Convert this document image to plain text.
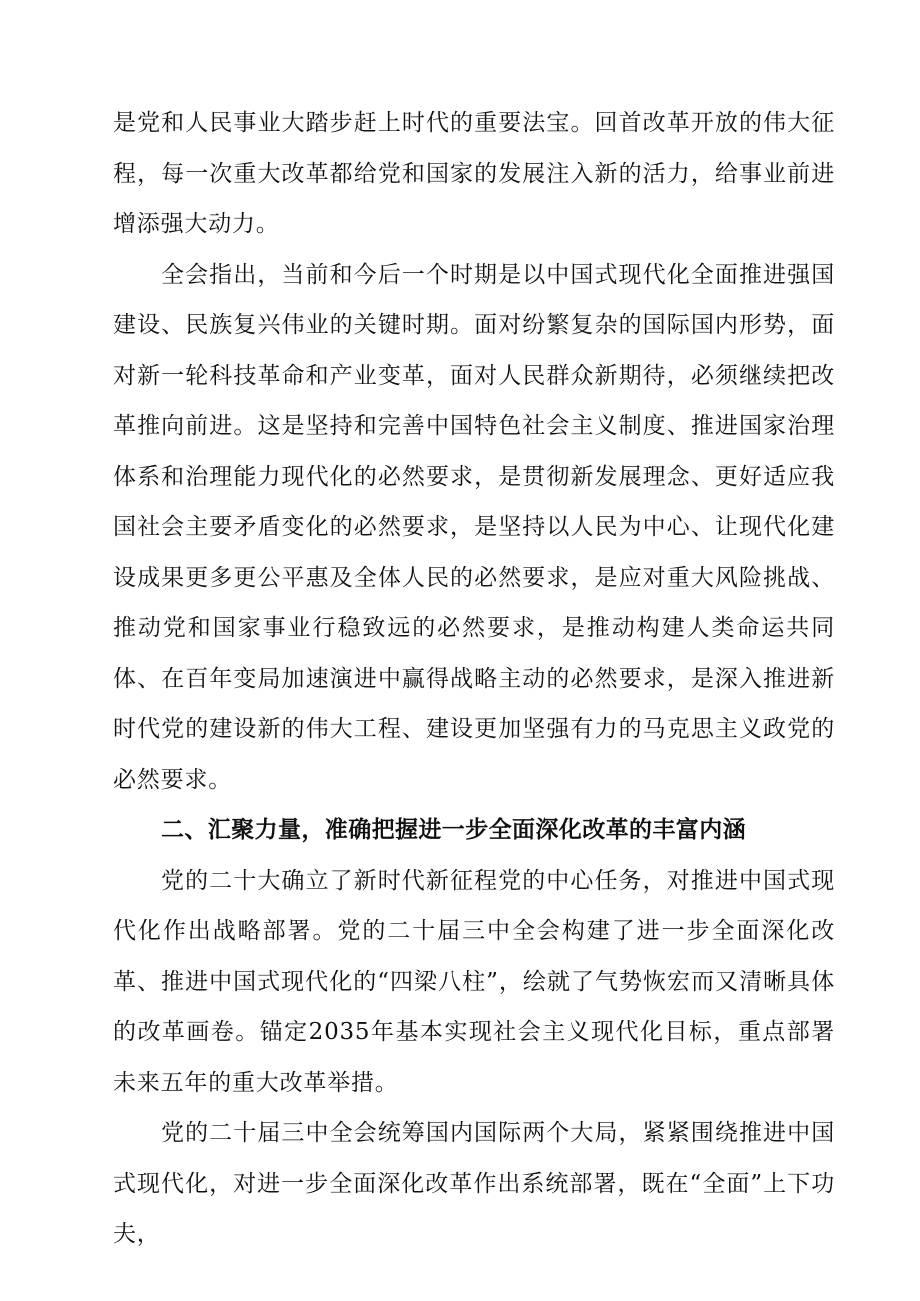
是党和人民事业大踏步赶上时代的重要法宝。回首改革开放的伟大征程，每一次重大改革都给党和国家的发展注入新的活力，给事业前进增添强大动力。

全会指出，当前和今后一个时期是以中国式现代化全面推进强国建设、民族复兴伟业的关键时期。面对纷繁复杂的国际国内形势，面对新一轮科技革命和产业变革，面对人民群众新期待，必须继续把改革推向前进。这是坚持和完善中国特色社会主义制度、推进国家治理体系和治理能力现代化的必然要求，是贯彻新发展理念、更好适应我国社会主要矛盾变化的必然要求，是坚持以人民为中心、让现代化建设成果更多更公平惠及全体人民的必然要求，是应对重大风险挑战、推动党和国家事业行稳致远的必然要求，是推动构建人类命运共同体、在百年变局加速演进中赢得战略主动的必然要求，是深入推进新时代党的建设新的伟大工程、建设更加坚强有力的马克思主义政党的必然要求。

二、汇聚力量，准确把握进一步全面深化改革的丰富内涵

党的二十大确立了新时代新征程党的中心任务，对推进中国式现代化作出战略部署。党的二十届三中全会构建了进一步全面深化改革、推进中国式现代化的“四梁八柱”，绘就了气势恢宏而又清晰具体的改革画卷。锚定2035年基本实现社会主义现代化目标，重点部署未来五年的重大改革举措。

党的二十届三中全会统筹国内国际两个大局，紧紧围绕推进中国式现代化，对进一步全面深化改革作出系统部署，既在“全面”上下功夫，
